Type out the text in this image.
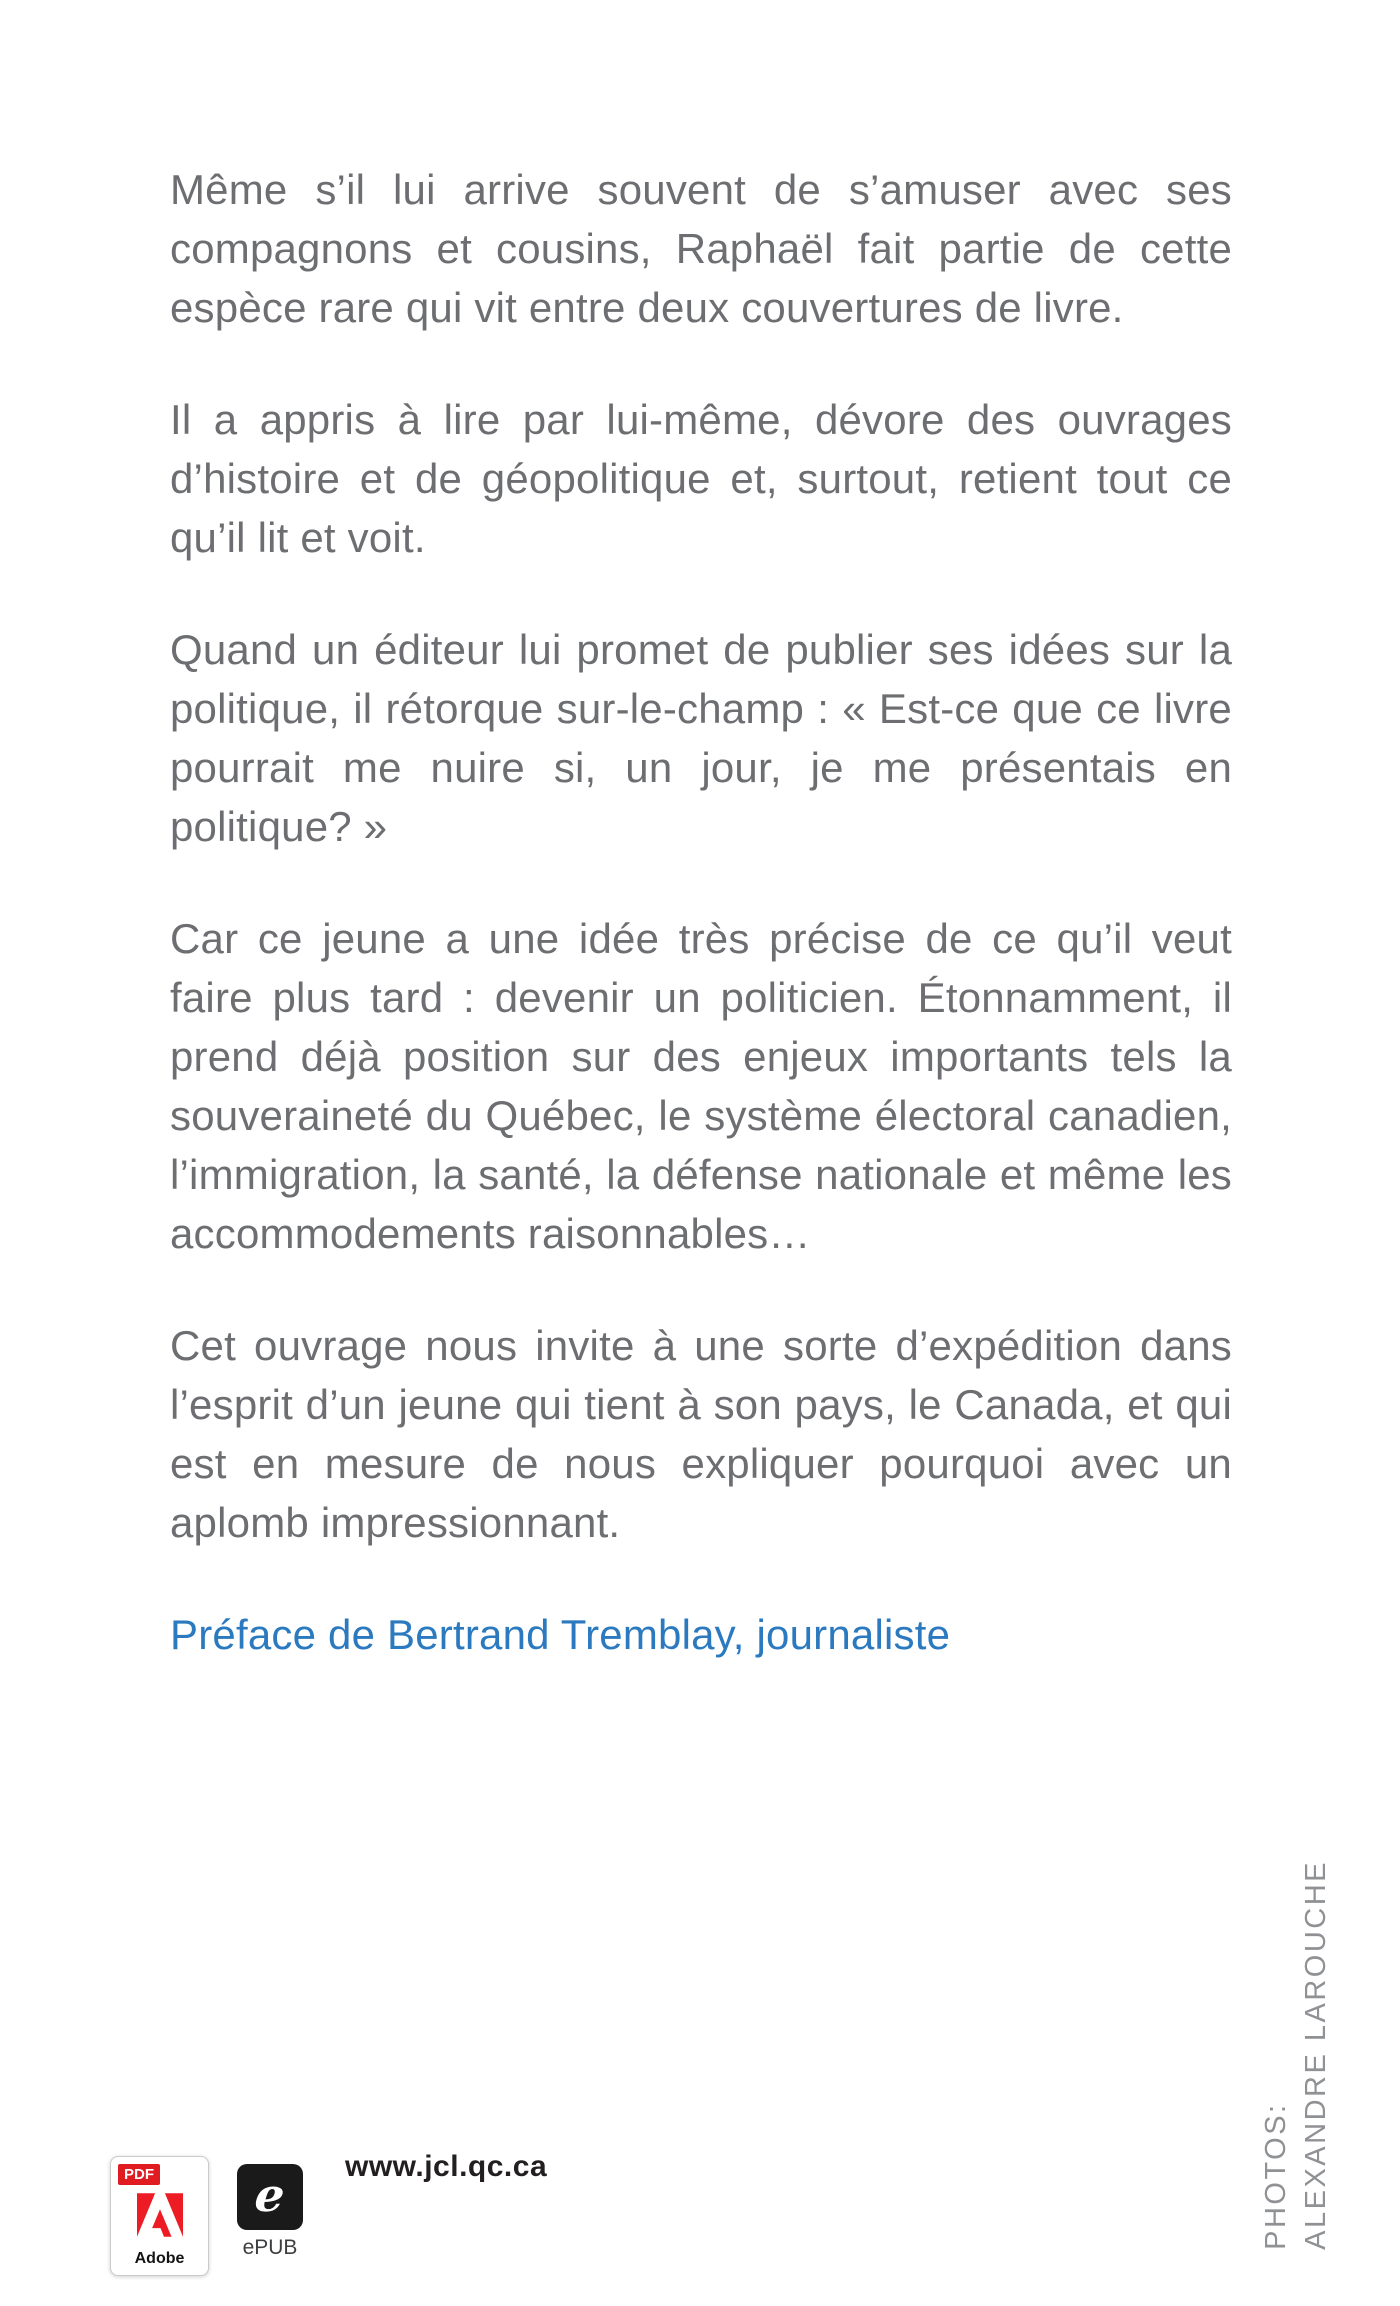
Même s’il lui arrive souvent de s’amuser avec ses compagnons et cousins, Raphaël fait partie de cette espèce rare qui vit entre deux couvertures de livre.

Il a appris à lire par lui-même, dévore des ouvrages d’histoire et de géopolitique et, surtout, retient tout ce qu’il lit et voit.

Quand un éditeur lui promet de publier ses idées sur la politique, il rétorque sur-le-champ : « Est-ce que ce livre pourrait me nuire si, un jour, je me présentais en politique? »

Car ce jeune a une idée très précise de ce qu’il veut faire plus tard : devenir un politicien. Étonnamment, il prend déjà position sur des enjeux importants tels la souveraineté du Québec, le système électoral canadien, l’immigration, la santé, la défense nationale et même les accommodements raisonnables…

Cet ouvrage nous invite à une sorte d’expédition dans l’esprit d’un jeune qui tient à son pays, le Canada, et qui est en mesure de nous expliquer pourquoi avec un aplomb impressionnant.

Préface de Bertrand Tremblay, journaliste

PHOTOS: ALEXANDRE LAROUCHE
PDF
Adobe
e
ePUB
www.jcl.qc.ca
